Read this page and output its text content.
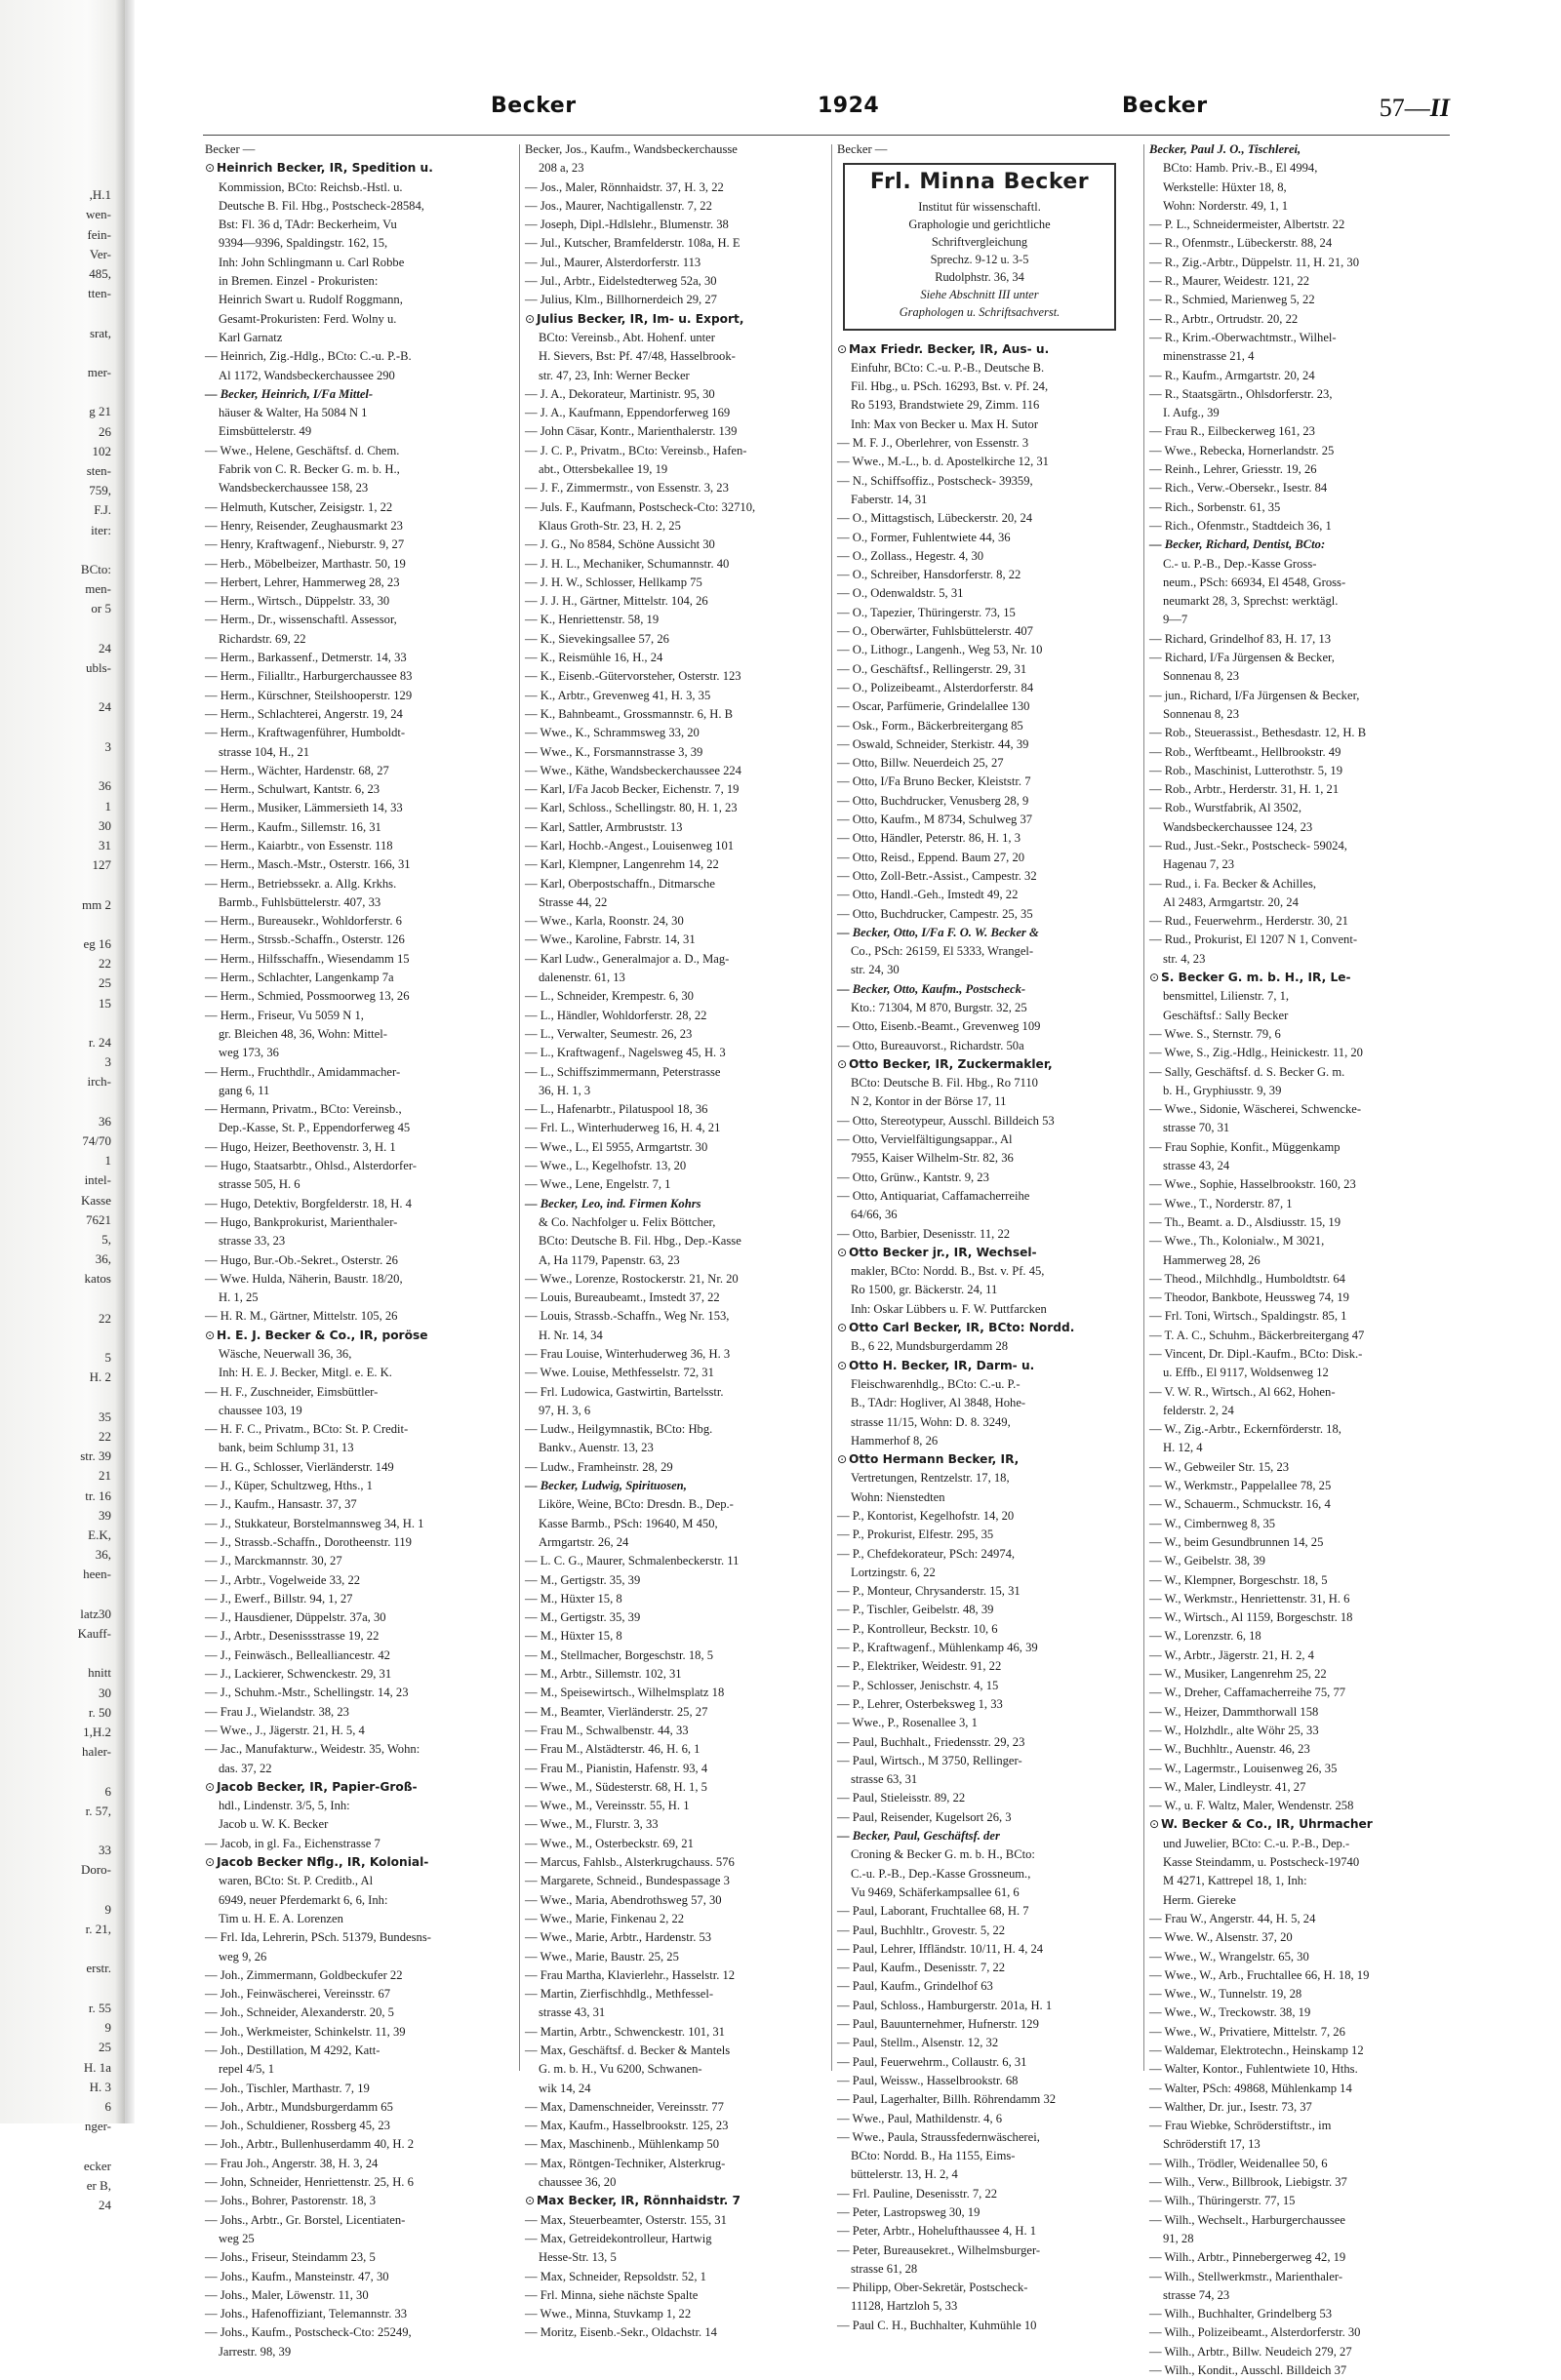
,H.1
wen-
fein-
Ver-
485,
tten-

srat,

mer-

g 21
26
102
sten-
759,
F.J.
iter:

BCto:
men-
or 5

24
ubls-

24

3

36
1
30
31
127

mm 2

eg 16
22
25
15

r. 24
3
irch-

36
74/70
1
intel-
Kasse
7621
5,
36,
katos

22

5
H. 2

35
22
str. 39
21
tr. 16
39
E.K,
36,
heen-

latz30
Kauff-

hnitt
30
r. 50
1,H.2
haler-

6
r. 57,

33
Doro-

9
r. 21,

erstr.

r. 55
9
25
H. 1a
H. 3
6
nger-

ecker
er B,
24
Becker	1924	Becker	57—II
Becker —
⊙ Heinrich Becker, IR, Spedition u.
Kommission, BCto: Reichsb.-Hstl. u.
Deutsche B. Fil. Hbg., Postscheck-28584,
Bst: Fl. 36 d, TAdr: Beckerheim, Vu
9394—9396, Spaldingstr. 162, 15,
Inh: John Schlingmann u. Carl Robbe
in Bremen. Einzel - Prokuristen:
Heinrich Swart u. Rudolf Roggmann,
Gesamt-Prokuristen: Ferd. Wolny u.
Karl Garnatz
— Heinrich, Zig.-Hdlg., BCto: C.-u. P.-B.
Al 1172, Wandsbeckerchaussee 290
— Becker, Heinrich, I/Fa Mittel-
häuser & Walter, Ha 5084 N 1
Eimsbüttelerstr. 49
— Wwe., Helene, Geschäftsf. d. Chem.
Fabrik von C. R. Becker G. m. b. H.,
Wandsbeckerchaussee 158, 23
— Helmuth, Kutscher, Zeisigstr. 1, 22
— Henry, Reisender, Zeughausmarkt 23
— Henry, Kraftwagenf., Nieburstr. 9, 27
— Herb., Möbelbeizer, Marthastr. 50, 19
— Herbert, Lehrer, Hammerweg 28, 23
— Herm., Wirtsch., Düppelstr. 33, 30
— Herm., Dr., wissenschaftl. Assessor,
Richardstr. 69, 22
— Herm., Barkassenf., Detmerstr. 14, 33
— Herm., Filialltr., Harburgerchaussee 83
— Herm., Kürschner, Steilshooperstr. 129
— Herm., Schlachterei, Angerstr. 19, 24
— Herm., Kraftwagenführer, Humboldt-
strasse 104, H., 21
— Herm., Wächter, Hardenstr. 68, 27
— Herm., Schulwart, Kantstr. 6, 23
— Herm., Musiker, Lämmersieth 14, 33
— Herm., Kaufm., Sillemstr. 16, 31
— Herm., Kaiarbtr., von Essenstr. 118
— Herm., Masch.-Mstr., Osterstr. 166, 31
— Herm., Betriebssekr. a. Allg. Krkhs.
Barmb., Fuhlsbüttelerstr. 407, 33
— Herm., Bureausekr., Wohldorferstr. 6
— Herm., Strssb.-Schaffn., Osterstr. 126
— Herm., Hilfsschaffn., Wiesendamm 15
— Herm., Schlachter, Langenkamp 7a
— Herm., Schmied, Possmoorweg 13, 26
— Herm., Friseur, Vu 5059 N 1,
gr. Bleichen 48, 36, Wohn: Mittel-
weg 173, 36
— Herm., Fruchthdlr., Amidammacher-
gang 6, 11
— Hermann, Privatm., BCto: Vereinsb.,
Dep.-Kasse, St. P., Eppendorferweg 45
— Hugo, Heizer, Beethovenstr. 3, H. 1
— Hugo, Staatsarbtr., Ohlsd., Alsterdorfer-
strasse 505, H. 6
— Hugo, Detektiv, Borgfelderstr. 18, H. 4
— Hugo, Bankprokurist, Marienthaler-
strasse 33, 23
— Hugo, Bur.-Ob.-Sekret., Osterstr. 26
— Wwe. Hulda, Näherin, Baustr. 18/20,
H. 1, 25
— H. R. M., Gärtner, Mittelstr. 105, 26
⊙ H. E. J. Becker & Co., IR, poröse
Wäsche, Neuerwall 36, 36,
Inh: H. E. J. Becker, Mitgl. e. E. K.
— H. F., Zuschneider, Eimsbüttler-
chaussee 103, 19
— H. F. C., Privatm., BCto: St. P. Credit-
bank, beim Schlump 31, 13
— H. G., Schlosser, Vierländerstr. 149
— J., Küper, Schultzweg, Hths., 1
— J., Kaufm., Hansastr. 37, 37
— J., Stukkateur, Borstelmannsweg 34, H. 1
— J., Strassb.-Schaffn., Dorotheenstr. 119
— J., Marckmannstr. 30, 27
— J., Arbtr., Vogelweide 33, 22
— J., Ewerf., Billstr. 94, 1, 27
— J., Hausdiener, Düppelstr. 37a, 30
— J., Arbtr., Desenissstrasse 19, 22
— J., Feinwäsch., Bellealliancestr. 42
— J., Lackierer, Schwenckestr. 29, 31
— J., Schuhm.-Mstr., Schellingstr. 14, 23
— Frau J., Wielandstr. 38, 23
— Wwe., J., Jägerstr. 21, H. 5, 4
— Jac., Manufakturw., Weidestr. 35, Wohn:
das. 37, 22
⊙ Jacob Becker, IR, Papier-Groß-
hdl., Lindenstr. 3/5, 5, Inh:
Jacob u. W. K. Becker
— Jacob, in gl. Fa., Eichenstrasse 7
⊙ Jacob Becker Nflg., IR, Kolonial-
waren, BCto: St. P. Creditb., Al
6949, neuer Pferdemarkt 6, 6, Inh:
Tim u. H. E. A. Lorenzen
— Frl. Ida, Lehrerin, PSch. 51379, Bundesns-
weg 9, 26
— Joh., Zimmermann, Goldbeckufer 22
— Joh., Feinwäscherei, Vereinsstr. 67
— Joh., Schneider, Alexanderstr. 20, 5
— Joh., Werkmeister, Schinkelstr. 11, 39
— Joh., Destillation, M 4292, Katt-
repel 4/5, 1
— Joh., Tischler, Marthastr. 7, 19
— Joh., Arbtr., Mundsburgerdamm 65
— Joh., Schuldiener, Rossberg 45, 23
— Joh., Arbtr., Bullenhuserdamm 40, H. 2
— Frau Joh., Angerstr. 38, H. 3, 24
— John, Schneider, Henriettenstr. 25, H. 6
— Johs., Bohrer, Pastorenstr. 18, 3
— Johs., Arbtr., Gr. Borstel, Licentiaten-
weg 25
— Johs., Friseur, Steindamm 23, 5
— Johs., Kaufm., Mansteinstr. 47, 30
— Johs., Maler, Löwenstr. 11, 30
— Johs., Hafenoffiziant, Telemannstr. 33
— Johs., Kaufm., Postscheck-Cto: 25249,
Jarrestr. 98, 39
Becker, Jos., Kaufm., Wandsbeckerchausse
208 a, 23
— Jos., Maler, Rönnhaidstr. 37, H. 3, 22
— Jos., Maurer, Nachtigallenstr. 7, 22
— Joseph, Dipl.-Hdlslehr., Blumenstr. 38
— Jul., Kutscher, Bramfelderstr. 108a, H. E
— Jul., Maurer, Alsterdorferstr. 113
— Jul., Arbtr., Eidelstedterweg 52a, 30
— Julius, Klm., Billhornerdeich 29, 27
⊙ Julius Becker, IR, Im- u. Export,
BCto: Vereinsb., Abt. Hohenf. unter
H. Sievers, Bst: Pf. 47/48, Hasselbrook-
str. 47, 23, Inh: Werner Becker
— J. A., Dekorateur, Martinistr. 95, 30
— J. A., Kaufmann, Eppendorferweg 169
— John Cäsar, Kontr., Marienthalerstr. 139
— J. C. P., Privatm., BCto: Vereinsb., Hafen-
abt., Ottersbekallee 19, 19
— J. F., Zimmermstr., von Essenstr. 3, 23
— Juls. F., Kaufmann, Postscheck-Cto: 32710,
Klaus Groth-Str. 23, H. 2, 25
— J. G., No 8584, Schöne Aussicht 30
— J. H. L., Mechaniker, Schumannstr. 40
— J. H. W., Schlosser, Hellkamp 75
— J. J. H., Gärtner, Mittelstr. 104, 26
— K., Henriettenstr. 58, 19
— K., Sievekingsallee 57, 26
— K., Reismühle 16, H., 24
— K., Eisenb.-Gütervorsteher, Osterstr. 123
— K., Arbtr., Grevenweg 41, H. 3, 35
— K., Bahnbeamt., Grossmannstr. 6, H. B
— Wwe., K., Schrammsweg 33, 20
— Wwe., K., Forsmannstrasse 3, 39
— Wwe., Käthe, Wandsbeckerchaussee 224
— Karl, I/Fa Jacob Becker, Eichenstr. 7, 19
— Karl, Schloss., Schellingstr. 80, H. 1, 23
— Karl, Sattler, Armbruststr. 13
— Karl, Hochb.-Angest., Louisenweg 101
— Karl, Klempner, Langenrehm 14, 22
— Karl, Oberpostschaffn., Ditmarsche
Strasse 44, 22
— Wwe., Karla, Roonstr. 24, 30
— Wwe., Karoline, Fabrstr. 14, 31
— Karl Ludw., Generalmajor a. D., Mag-
dalenenstr. 61, 13
— L., Schneider, Krempestr. 6, 30
— L., Händler, Wohldorferstr. 28, 22
— L., Verwalter, Seumestr. 26, 23
— L., Kraftwagenf., Nagelsweg 45, H. 3
— L., Schiffszimmermann, Peterstrasse
36, H. 1, 3
— L., Hafenarbtr., Pilatuspool 18, 36
— Frl. L., Winterhuderweg 16, H. 4, 21
— Wwe., L., El 5955, Armgartstr. 30
— Wwe., L., Kegelhofstr. 13, 20
— Wwe., Lene, Engelstr. 7, 1
— Becker, Leo, ind. Firmen Kohrs
& Co. Nachfolger u. Felix Böttcher,
BCto: Deutsche B. Fil. Hbg., Dep.-Kasse
A, Ha 1179, Papenstr. 63, 23
— Wwe., Lorenze, Rostockerstr. 21, Nr. 20
— Louis, Bureaubeamt., Imstedt 37, 22
— Louis, Strassb.-Schaffn., Weg Nr. 153,
H. Nr. 14, 34
— Frau Louise, Winterhuderweg 36, H. 3
— Wwe. Louise, Methfesselstr. 72, 31
— Frl. Ludowica, Gastwirtin, Bartelsstr.
97, H. 3, 6
— Ludw., Heilgymnastik, BCto: Hbg.
Bankv., Auenstr. 13, 23
— Ludw., Framheinstr. 28, 29
— Becker, Ludwig, Spirituosen,
Liköre, Weine, BCto: Dresdn. B., Dep.-
Kasse Barmb., PSch: 19640, M 450,
Armgartstr. 26, 24
— L. C. G., Maurer, Schmalenbeckerstr. 11
— M., Gertigstr. 35, 39
— M., Hüxter 15, 8
— M., Gertigstr. 35, 39
— M., Hüxter 15, 8
— M., Stellmacher, Borgeschstr. 18, 5
— M., Arbtr., Sillemstr. 102, 31
— M., Speisewirtsch., Wilhelmsplatz 18
— M., Beamter, Vierländerstr. 25, 27
— Frau M., Schwalbenstr. 44, 33
— Frau M., Alstädterstr. 46, H. 6, 1
— Frau M., Pianistin, Hafenstr. 93, 4
— Wwe., M., Südesterstr. 68, H. 1, 5
— Wwe., M., Vereinsstr. 55, H. 1
— Wwe., M., Flurstr. 3, 33
— Wwe., M., Osterbeckstr. 69, 21
— Marcus, Fahlsb., Alsterkrugchauss. 576
— Margarete, Schneid., Bundespassage 3
— Wwe., Maria, Abendrothsweg 57, 30
— Wwe., Marie, Finkenau 2, 22
— Wwe., Marie, Arbtr., Hardenstr. 53
— Wwe., Marie, Baustr. 25, 25
— Frau Martha, Klavierlehr., Hasselstr. 12
— Martin, Zierfischhdlg., Methfessel-
strasse 43, 31
— Martin, Arbtr., Schwenckestr. 101, 31
— Max, Geschäftsf. d. Becker & Mantels
G. m. b. H., Vu 6200, Schwanen-
wik 14, 24
— Max, Damenschneider, Vereinsstr. 77
— Max, Kaufm., Hasselbrookstr. 125, 23
— Max, Maschinenb., Mühlenkamp 50
— Max, Röntgen-Techniker, Alsterkrug-
chaussee 36, 20
⊙ Max Becker, IR, Rönnhaidstr. 7
— Max, Steuerbeamter, Osterstr. 155, 31
— Max, Getreidekontrolleur, Hartwig
Hesse-Str. 13, 5
— Max, Schneider, Repsoldstr. 52, 1
— Frl. Minna, siehe nächste Spalte
— Wwe., Minna, Stuvkamp 1, 22
— Moritz, Eisenb.-Sekr., Oldachstr. 14
Becker —
Frl. Minna Becker
Institut für wissenschaftl.
Graphologie und gerichtliche
Schriftvergleichung
Sprechz. 9-12 u. 3-5
Rudolphstr. 36, 34
Siehe Abschnitt III unter
Graphologen u. Schriftsachverst.
⊙ Max Friedr. Becker, IR, Aus- u.
Einfuhr, BCto: C.-u. P.-B., Deutsche B.
Fil. Hbg., u. PSch. 16293, Bst. v. Pf. 24,
Ro 5193, Brandstwiete 29, Zimm. 116
Inh: Max von Becker u. Max H. Sutor
— M. F. J., Oberlehrer, von Essenstr. 3
— Wwe., M.-L., b. d. Apostelkirche 12, 31
— N., Schiffsoffiz., Postscheck- 39359,
Faberstr. 14, 31
— O., Mittagstisch, Lübeckerstr. 20, 24
— O., Former, Fuhlentwiete 44, 36
— O., Zollass., Hegestr. 4, 30
— O., Schreiber, Hansdorferstr. 8, 22
— O., Odenwaldstr. 5, 31
— O., Tapezier, Thüringerstr. 73, 15
— O., Oberwärter, Fuhlsbüttelerstr. 407
— O., Lithogr., Langenh., Weg 53, Nr. 10
— O., Geschäftsf., Rellingerstr. 29, 31
— O., Polizeibeamt., Alsterdorferstr. 84
— Oscar, Parfümerie, Grindelallee 130
— Osk., Form., Bäckerbreitergang 85
— Oswald, Schneider, Sterkistr. 44, 39
— Otto, Billw. Neuerdeich 25, 27
— Otto, I/Fa Bruno Becker, Kleiststr. 7
— Otto, Buchdrucker, Venusberg 28, 9
— Otto, Kaufm., M 8734, Schulweg 37
— Otto, Händler, Peterstr. 86, H. 1, 3
— Otto, Reisd., Eppend. Baum 27, 20
— Otto, Zoll-Betr.-Assist., Campestr. 32
— Otto, Handl.-Geh., Imstedt 49, 22
— Otto, Buchdrucker, Campestr. 25, 35
— Becker, Otto, I/Fa F. O. W. Becker &
Co., PSch: 26159, El 5333, Wrangel-
str. 24, 30
— Becker, Otto, Kaufm., Postscheck-
Kto.: 71304, M 870, Burgstr. 32, 25
— Otto, Eisenb.-Beamt., Grevenweg 109
— Otto, Bureauvorst., Richardstr. 50a
⊙ Otto Becker, IR, Zuckermakler,
BCto: Deutsche B. Fil. Hbg., Ro 7110
N 2, Kontor in der Börse 17, 11
— Otto, Stereotypeur, Ausschl. Billdeich 53
— Otto, Vervielfältigungsappar., Al
7955, Kaiser Wilhelm-Str. 82, 36
— Otto, Grünw., Kantstr. 9, 23
— Otto, Antiquariat, Caffamacherreihe
64/66, 36
— Otto, Barbier, Desenisstr. 11, 22
⊙ Otto Becker jr., IR, Wechsel-
makler, BCto: Nordd. B., Bst. v. Pf. 45,
Ro 1500, gr. Bäckerstr. 24, 11
Inh: Oskar Lübbers u. F. W. Puttfarcken
⊙ Otto Carl Becker, IR, BCto: Nordd.
B., 6 22, Mundsburgerdamm 28
⊙ Otto H. Becker, IR, Darm- u.
Fleischwarenhdlg., BCto: C.-u. P.-
B., TAdr: Hogliver, Al 3848, Hohe-
strasse 11/15, Wohn: D. 8. 3249,
Hammerhof 8, 26
⊙ Otto Hermann Becker, IR,
Vertretungen, Rentzelstr. 17, 18,
Wohn: Nienstedten
— P., Kontorist, Kegelhofstr. 14, 20
— P., Prokurist, Elfestr. 295, 35
— P., Chefdekorateur, PSch: 24974,
Lortzingstr. 6, 22
— P., Monteur, Chrysanderstr. 15, 31
— P., Tischler, Geibelstr. 48, 39
— P., Kontrolleur, Beckstr. 10, 6
— P., Kraftwagenf., Mühlenkamp 46, 39
— P., Elektriker, Weidestr. 91, 22
— P., Schlosser, Jenischstr. 4, 15
— P., Lehrer, Osterbeksweg 1, 33
— Wwe., P., Rosenallee 3, 1
— Paul, Buchhalt., Friedensstr. 29, 23
— Paul, Wirtsch., M 3750, Rellinger-
strasse 63, 31
— Paul, Stieleisstr. 89, 22
— Paul, Reisender, Kugelsort 26, 3
— Becker, Paul, Geschäftsf. der
Croning & Becker G. m. b. H., BCto:
C.-u. P.-B., Dep.-Kasse Grossneum.,
Vu 9469, Schäferkampsallee 61, 6
— Paul, Laborant, Fruchtallee 68, H. 7
— Paul, Buchhltr., Grovestr. 5, 22
— Paul, Lehrer, Iffländstr. 10/11, H. 4, 24
— Paul, Kaufm., Desenisstr. 7, 22
— Paul, Kaufm., Grindelhof 63
— Paul, Schloss., Hamburgerstr. 201a, H. 1
— Paul, Bauunternehmer, Hufnerstr. 129
— Paul, Stellm., Alsenstr. 12, 32
— Paul, Feuerwehrm., Collaustr. 6, 31
— Paul, Weissw., Hasselbrookstr. 68
— Paul, Lagerhalter, Billh. Röhrendamm 32
— Wwe., Paul, Mathildenstr. 4, 6
— Wwe., Paula, Straussfedernwäscherei,
BCto: Nordd. B., Ha 1155, Eims-
büttelerstr. 13, H. 2, 4
— Frl. Pauline, Desenisstr. 7, 22
— Peter, Lastropsweg 30, 19
— Peter, Arbtr., Hohelufthaussee 4, H. 1
— Peter, Bureausekret., Wilhelmsburger-
strasse 61, 28
— Philipp, Ober-Sekretär, Postscheck-
11128, Hartzloh 5, 33
— Paul C. H., Buchhalter, Kuhmühle 10
Becker, Paul J. O., Tischlerei,
BCto: Hamb. Priv.-B., El 4994,
Werkstelle: Hüxter 18, 8,
Wohn: Norderstr. 49, 1, 1
— P. L., Schneidermeister, Albertstr. 22
— R., Ofenmstr., Lübeckerstr. 88, 24
— R., Zig.-Arbtr., Düppelstr. 11, H. 21, 30
— R., Maurer, Weidestr. 121, 22
— R., Schmied, Marienweg 5, 22
— R., Arbtr., Ortrudstr. 20, 22
— R., Krim.-Oberwachtmstr., Wilhel-
minenstrasse 21, 4
— R., Kaufm., Armgartstr. 20, 24
— R., Staatsgärtn., Ohlsdorferstr. 23,
I. Aufg., 39
— Frau R., Eilbeckerweg 161, 23
— Wwe., Rebecka, Hornerlandstr. 25
— Reinh., Lehrer, Griesstr. 19, 26
— Rich., Verw.-Obersekr., Isestr. 84
— Rich., Sorbenstr. 61, 35
— Rich., Ofenmstr., Stadtdeich 36, 1
— Becker, Richard, Dentist, BCto:
C.- u. P.-B., Dep.-Kasse Gross-
neum., PSch: 66934, El 4548, Gross-
neumarkt 28, 3, Sprechst: werktägl.
9—7
— Richard, Grindelhof 83, H. 17, 13
— Richard, I/Fa Jürgensen & Becker,
Sonnenau 8, 23
— jun., Richard, I/Fa Jürgensen & Becker,
Sonnenau 8, 23
— Rob., Steuerassist., Bethesdastr. 12, H. B
— Rob., Werftbeamt., Hellbrookstr. 49
— Rob., Maschinist, Lutterothstr. 5, 19
— Rob., Arbtr., Herderstr. 31, H. 1, 21
— Rob., Wurstfabrik, Al 3502,
Wandsbeckerchaussee 124, 23
— Rud., Just.-Sekr., Postscheck- 59024,
Hagenau 7, 23
— Rud., i. Fa. Becker & Achilles,
Al 2483, Armgartstr. 20, 24
— Rud., Feuerwehrm., Herderstr. 30, 21
— Rud., Prokurist, El 1207 N 1, Convent-
str. 4, 23
⊙ S. Becker G. m. b. H., IR, Le-
bensmittel, Lilienstr. 7, 1,
Geschäftsf.: Sally Becker
— Wwe. S., Sternstr. 79, 6
— Wwe, S., Zig.-Hdlg., Heinickestr. 11, 20
— Sally, Geschäftsf. d. S. Becker G. m.
b. H., Gryphiusstr. 9, 39
— Wwe., Sidonie, Wäscherei, Schwencke-
strasse 70, 31
— Frau Sophie, Konfit., Müggenkamp
strasse 43, 24
— Wwe., Sophie, Hasselbrookstr. 160, 23
— Wwe., T., Norderstr. 87, 1
— Th., Beamt. a. D., Alsdiusstr. 15, 19
— Wwe., Th., Kolonialw., M 3021,
Hammerweg 28, 26
— Theod., Milchhdlg., Humboldtstr. 64
— Theodor, Bankbote, Heussweg 74, 19
— Frl. Toni, Wirtsch., Spaldingstr. 85, 1
— T. A. C., Schuhm., Bäckerbreitergang 47
— Vincent, Dr. Dipl.-Kaufm., BCto: Disk.-
u. Effb., El 9117, Woldsenweg 12
— V. W. R., Wirtsch., Al 662, Hohen-
felderstr. 2, 24
— W., Zig.-Arbtr., Eckernförderstr. 18,
H. 12, 4
— W., Gebweiler Str. 15, 23
— W., Werkmstr., Pappelallee 78, 25
— W., Schauerm., Schmuckstr. 16, 4
— W., Cimbernweg 8, 35
— W., beim Gesundbrunnen 14, 25
— W., Geibelstr. 38, 39
— W., Klempner, Borgeschstr. 18, 5
— W., Werkmstr., Henriettenstr. 31, H. 6
— W., Wirtsch., Al 1159, Borgeschstr. 18
— W., Lorenzstr. 6, 18
— W., Arbtr., Jägerstr. 21, H. 2, 4
— W., Musiker, Langenrehm 25, 22
— W., Dreher, Caffamacherreihe 75, 77
— W., Heizer, Dammthorwall 158
— W., Holzhdlr., alte Wöhr 25, 33
— W., Buchhltr., Auenstr. 46, 23
— W., Lagermstr., Louisenweg 26, 35
— W., Maler, Lindleystr. 41, 27
— W., u. F. Waltz, Maler, Wendenstr. 258
⊙ W. Becker & Co., IR, Uhrmacher
und Juwelier, BCto: C.-u. P.-B., Dep.-
Kasse Steindamm, u. Postscheck-19740
M 4271, Kattrepel 18, 1, Inh:
Herm. Giereke
— Frau W., Angerstr. 44, H. 5, 24
— Wwe. W., Alsenstr. 37, 20
— Wwe., W., Wrangelstr. 65, 30
— Wwe., W., Arb., Fruchtallee 66, H. 18, 19
— Wwe., W., Tunnelstr. 19, 28
— Wwe., W., Treckowstr. 38, 19
— Wwe., W., Privatiere, Mittelstr. 7, 26
— Waldemar, Elektrotechn., Heinskamp 12
— Walter, Kontor., Fuhlentwiete 10, Hths.
— Walter, PSch: 49868, Mühlenkamp 14
— Walther, Dr. jur., Isestr. 73, 37
— Frau Wiebke, Schröderstiftstr., im
Schröderstift 17, 13
— Wilh., Trödler, Weidenallee 50, 6
— Wilh., Verw., Billbrook, Liebigstr. 37
— Wilh., Thüringerstr. 77, 15
— Wilh., Wechselt., Harburgerchaussee
91, 28
— Wilh., Arbtr., Pinnebergerweg 42, 19
— Wilh., Stellwerkmstr., Marienthaler-
strasse 74, 23
— Wilh., Buchhalter, Grindelberg 53
— Wilh., Polizeibeamt., Alsterdorferstr. 30
— Wilh., Arbtr., Billw. Neudeich 279, 27
— Wilh., Kondit., Ausschl. Billdeich 37
